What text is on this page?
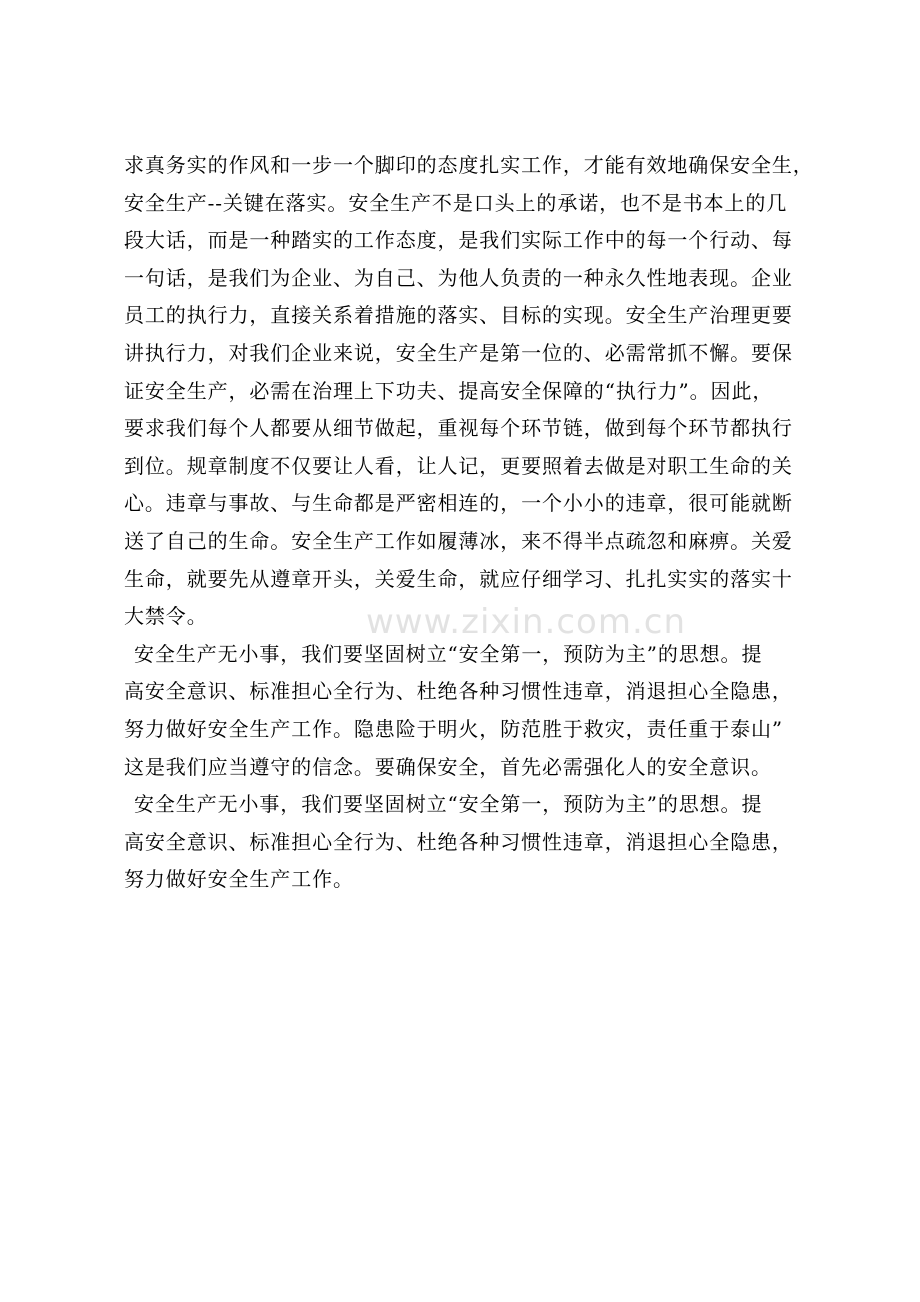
求真务实的作风和一步一个脚印的态度扎实工作，才能有效地确保安全生，
安全生产--关键在落实。安全生产不是口头上的承诺，也不是书本上的几
段大话，而是一种踏实的工作态度，是我们实际工作中的每一个行动、每
一句话，是我们为企业、为自己、为他人负责的一种永久性地表现。企业
员工的执行力，直接关系着措施的落实、目标的实现。安全生产治理更要
讲执行力，对我们企业来说，安全生产是第一位的、必需常抓不懈。要保
证安全生产，必需在治理上下功夫、提高安全保障的“执行力”。因此，
要求我们每个人都要从细节做起，重视每个环节链，做到每个环节都执行
到位。规章制度不仅要让人看，让人记，更要照着去做是对职工生命的关
心。违章与事故、与生命都是严密相连的，一个小小的违章，很可能就断
送了自己的生命。安全生产工作如履薄冰，来不得半点疏忽和麻痹。关爱
生命，就要先从遵章开头，关爱生命，就应仔细学习、扎扎实实的落实十
大禁令。
安全生产无小事，我们要坚固树立“安全第一，预防为主”的思想。提
高安全意识、标准担心全行为、杜绝各种习惯性违章，消退担心全隐患，
努力做好安全生产工作。隐患险于明火，防范胜于救灾，责任重于泰山”
这是我们应当遵守的信念。要确保安全，首先必需强化人的安全意识。
安全生产无小事，我们要坚固树立“安全第一，预防为主”的思想。提
高安全意识、标准担心全行为、杜绝各种习惯性违章，消退担心全隐患，
努力做好安全生产工作。
www.zixin.com.cn
